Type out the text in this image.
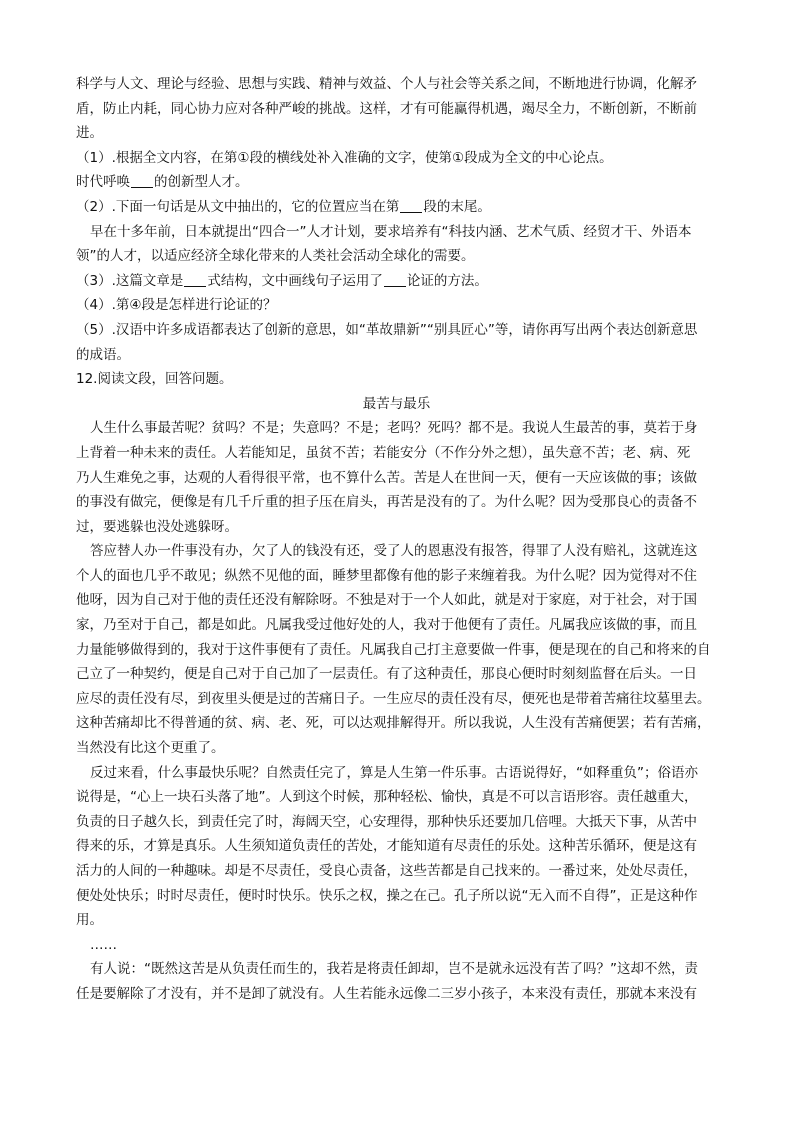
科学与人文、理论与经验、思想与实践、精神与效益、个人与社会等关系之间，不断地进行协调，化解矛
盾，防止内耗，同心协力应对各种严峻的挑战。这样，才有可能赢得机遇，竭尽全力，不断创新，不断前
进。
（1）.根据全文内容，在第①段的横线处补入准确的文字，使第①段成为全文的中心论点。
时代呼唤 的创新型人才。
（2）.下面一句话是从文中抽出的，它的位置应当在第 段的末尾。
早在十多年前，日本就提出“四合一”人才计划，要求培养有“科技内涵、艺术气质、经贸才干、外语本
领”的人才，以适应经济全球化带来的人类社会活动全球化的需要。
（3）.这篇文章是 式结构，文中画线句子运用了 论证的方法。
（4）.第④段是怎样进行论证的？
（5）.汉语中许多成语都表达了创新的意思，如“革故鼎新”“别具匠心”等，请你再写出两个表达创新意思
的成语。
12.阅读文段，回答问题。
最苦与最乐
人生什么事最苦呢？贫吗？不是；失意吗？不是；老吗？死吗？都不是。我说人生最苦的事，莫若于身
上背着一种未来的责任。人若能知足，虽贫不苦；若能安分（不作分外之想），虽失意不苦；老、病、死
乃人生难免之事，达观的人看得很平常，也不算什么苦。苦是人在世间一天，便有一天应该做的事；该做
的事没有做完，便像是有几千斤重的担子压在肩头，再苦是没有的了。为什么呢？因为受那良心的责备不
过，要逃躲也没处逃躲呀。
答应替人办一件事没有办，欠了人的钱没有还，受了人的恩惠没有报答，得罪了人没有赔礼，这就连这
个人的面也几乎不敢见；纵然不见他的面，睡梦里都像有他的影子来缠着我。为什么呢？因为觉得对不住
他呀，因为自己对于他的责任还没有解除呀。不独是对于一个人如此，就是对于家庭，对于社会，对于国
家，乃至对于自己，都是如此。凡属我受过他好处的人，我对于他便有了责任。凡属我应该做的事，而且
力量能够做得到的，我对于这件事便有了责任。凡属我自己打主意要做一件事，便是现在的自己和将来的自
己立了一种契约，便是自己对于自己加了一层责任。有了这种责任，那良心便时时刻刻监督在后头。一日
应尽的责任没有尽，到夜里头便是过的苦痛日子。一生应尽的责任没有尽，便死也是带着苦痛往坟墓里去。
这种苦痛却比不得普通的贫、病、老、死，可以达观排解得开。所以我说，人生没有苦痛便罢；若有苦痛，
当然没有比这个更重了。
反过来看，什么事最快乐呢？自然责任完了，算是人生第一件乐事。古语说得好，“如释重负”；俗语亦
说得是，“心上一块石头落了地”。人到这个时候，那种轻松、愉快，真是不可以言语形容。责任越重大，
负责的日子越久长，到责任完了时，海阔天空，心安理得，那种快乐还要加几倍哩。大抵天下事，从苦中
得来的乐，才算是真乐。人生须知道负责任的苦处，才能知道有尽责任的乐处。这种苦乐循环，便是这有
活力的人间的一种趣味。却是不尽责任，受良心责备，这些苦都是自己找来的。一番过来，处处尽责任，
便处处快乐；时时尽责任，便时时快乐。快乐之权，操之在己。孔子所以说“无入而不自得”，正是这种作
用。
……
有人说：“既然这苦是从负责任而生的，我若是将责任卸却，岂不是就永远没有苦了吗？”这却不然，责
任是要解除了才没有，并不是卸了就没有。人生若能永远像二三岁小孩子，本来没有责任，那就本来没有
